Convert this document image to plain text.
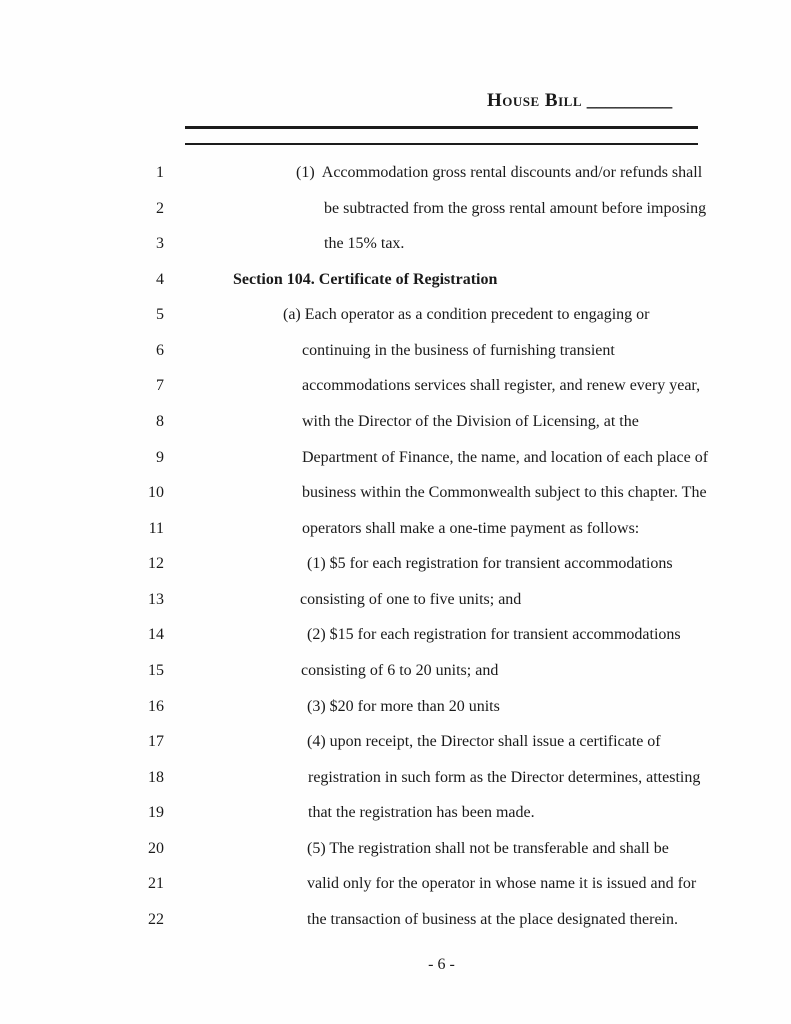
House Bill _________
1	(1)  Accommodation gross rental discounts and/or refunds shall
2	be subtracted from the gross rental amount before imposing
3	the 15% tax.
4	Section 104. Certificate of Registration
5	(a) Each operator as a condition precedent to engaging or
6	continuing in the business of furnishing transient
7	accommodations services shall register, and renew every year,
8	with the Director of the Division of Licensing, at the
9	Department of Finance, the name, and location of each place of
10	business within the Commonwealth subject to this chapter. The
11	operators shall make a one-time payment as follows:
12	(1) $5 for each registration for transient accommodations
13	consisting of one to five units; and
14	(2) $15 for each registration for transient accommodations
15	consisting of 6 to 20 units; and
16	(3) $20 for more than 20 units
17	(4) upon receipt, the Director shall issue a certificate of
18	registration in such form as the Director determines, attesting
19	that the registration has been made.
20	(5) The registration shall not be transferable and shall be
21	valid only for the operator in whose name it is issued and for
22	the transaction of business at the place designated therein.
- 6 -
